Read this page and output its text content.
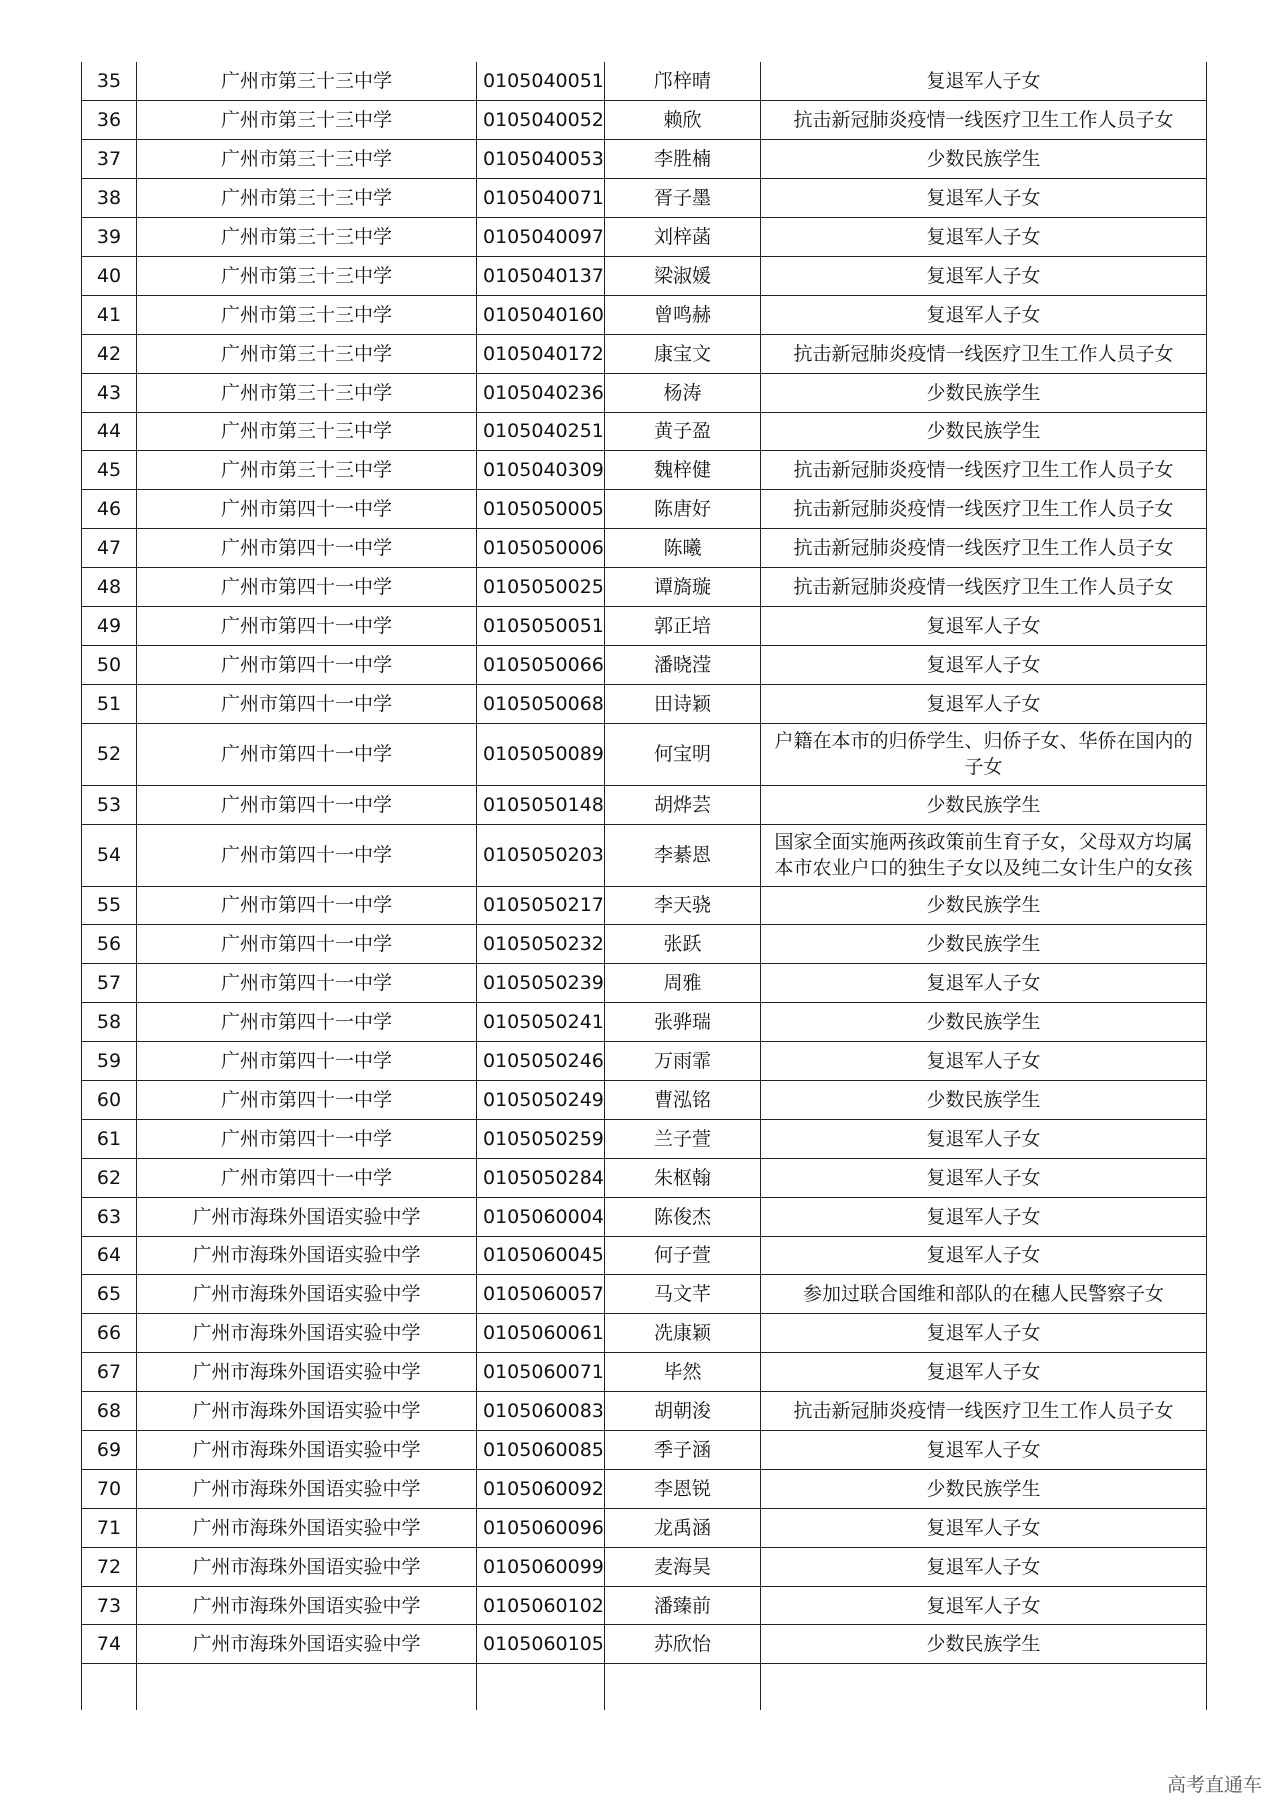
35	广州市第三十三中学	0105040051	邝梓晴	复退军人子女
36	广州市第三十三中学	0105040052	赖欣	抗击新冠肺炎疫情一线医疗卫生工作人员子女
37	广州市第三十三中学	0105040053	李胜楠	少数民族学生
38	广州市第三十三中学	0105040071	胥子墨	复退军人子女
39	广州市第三十三中学	0105040097	刘梓菡	复退军人子女
40	广州市第三十三中学	0105040137	梁淑媛	复退军人子女
41	广州市第三十三中学	0105040160	曾鸣赫	复退军人子女
42	广州市第三十三中学	0105040172	康宝文	抗击新冠肺炎疫情一线医疗卫生工作人员子女
43	广州市第三十三中学	0105040236	杨涛	少数民族学生
44	广州市第三十三中学	0105040251	黄子盈	少数民族学生
45	广州市第三十三中学	0105040309	魏梓健	抗击新冠肺炎疫情一线医疗卫生工作人员子女
46	广州市第四十一中学	0105050005	陈唐好	抗击新冠肺炎疫情一线医疗卫生工作人员子女
47	广州市第四十一中学	0105050006	陈曦	抗击新冠肺炎疫情一线医疗卫生工作人员子女
48	广州市第四十一中学	0105050025	谭旖璇	抗击新冠肺炎疫情一线医疗卫生工作人员子女
49	广州市第四十一中学	0105050051	郭正培	复退军人子女
50	广州市第四十一中学	0105050066	潘晓滢	复退军人子女
51	广州市第四十一中学	0105050068	田诗颖	复退军人子女
52	广州市第四十一中学	0105050089	何宝明	户籍在本市的归侨学生、归侨子女、华侨在国内的子女
53	广州市第四十一中学	0105050148	胡烨芸	少数民族学生
54	广州市第四十一中学	0105050203	李綦恩	国家全面实施两孩政策前生育子女，父母双方均属本市农业户口的独生子女以及纯二女计生户的女孩
55	广州市第四十一中学	0105050217	李天骁	少数民族学生
56	广州市第四十一中学	0105050232	张跃	少数民族学生
57	广州市第四十一中学	0105050239	周雅	复退军人子女
58	广州市第四十一中学	0105050241	张骅瑞	少数民族学生
59	广州市第四十一中学	0105050246	万雨霏	复退军人子女
60	广州市第四十一中学	0105050249	曹泓铭	少数民族学生
61	广州市第四十一中学	0105050259	兰子萱	复退军人子女
62	广州市第四十一中学	0105050284	朱枢翰	复退军人子女
63	广州市海珠外国语实验中学	0105060004	陈俊杰	复退军人子女
64	广州市海珠外国语实验中学	0105060045	何子萱	复退军人子女
65	广州市海珠外国语实验中学	0105060057	马文芊	参加过联合国维和部队的在穗人民警察子女
66	广州市海珠外国语实验中学	0105060061	冼康颖	复退军人子女
67	广州市海珠外国语实验中学	0105060071	毕然	复退军人子女
68	广州市海珠外国语实验中学	0105060083	胡朝浚	抗击新冠肺炎疫情一线医疗卫生工作人员子女
69	广州市海珠外国语实验中学	0105060085	季子涵	复退军人子女
70	广州市海珠外国语实验中学	0105060092	李恩锐	少数民族学生
71	广州市海珠外国语实验中学	0105060096	龙禹涵	复退军人子女
72	广州市海珠外国语实验中学	0105060099	麦海昊	复退军人子女
73	广州市海珠外国语实验中学	0105060102	潘臻前	复退军人子女
74	广州市海珠外国语实验中学	0105060105	苏欣怡	少数民族学生

高考直通车
